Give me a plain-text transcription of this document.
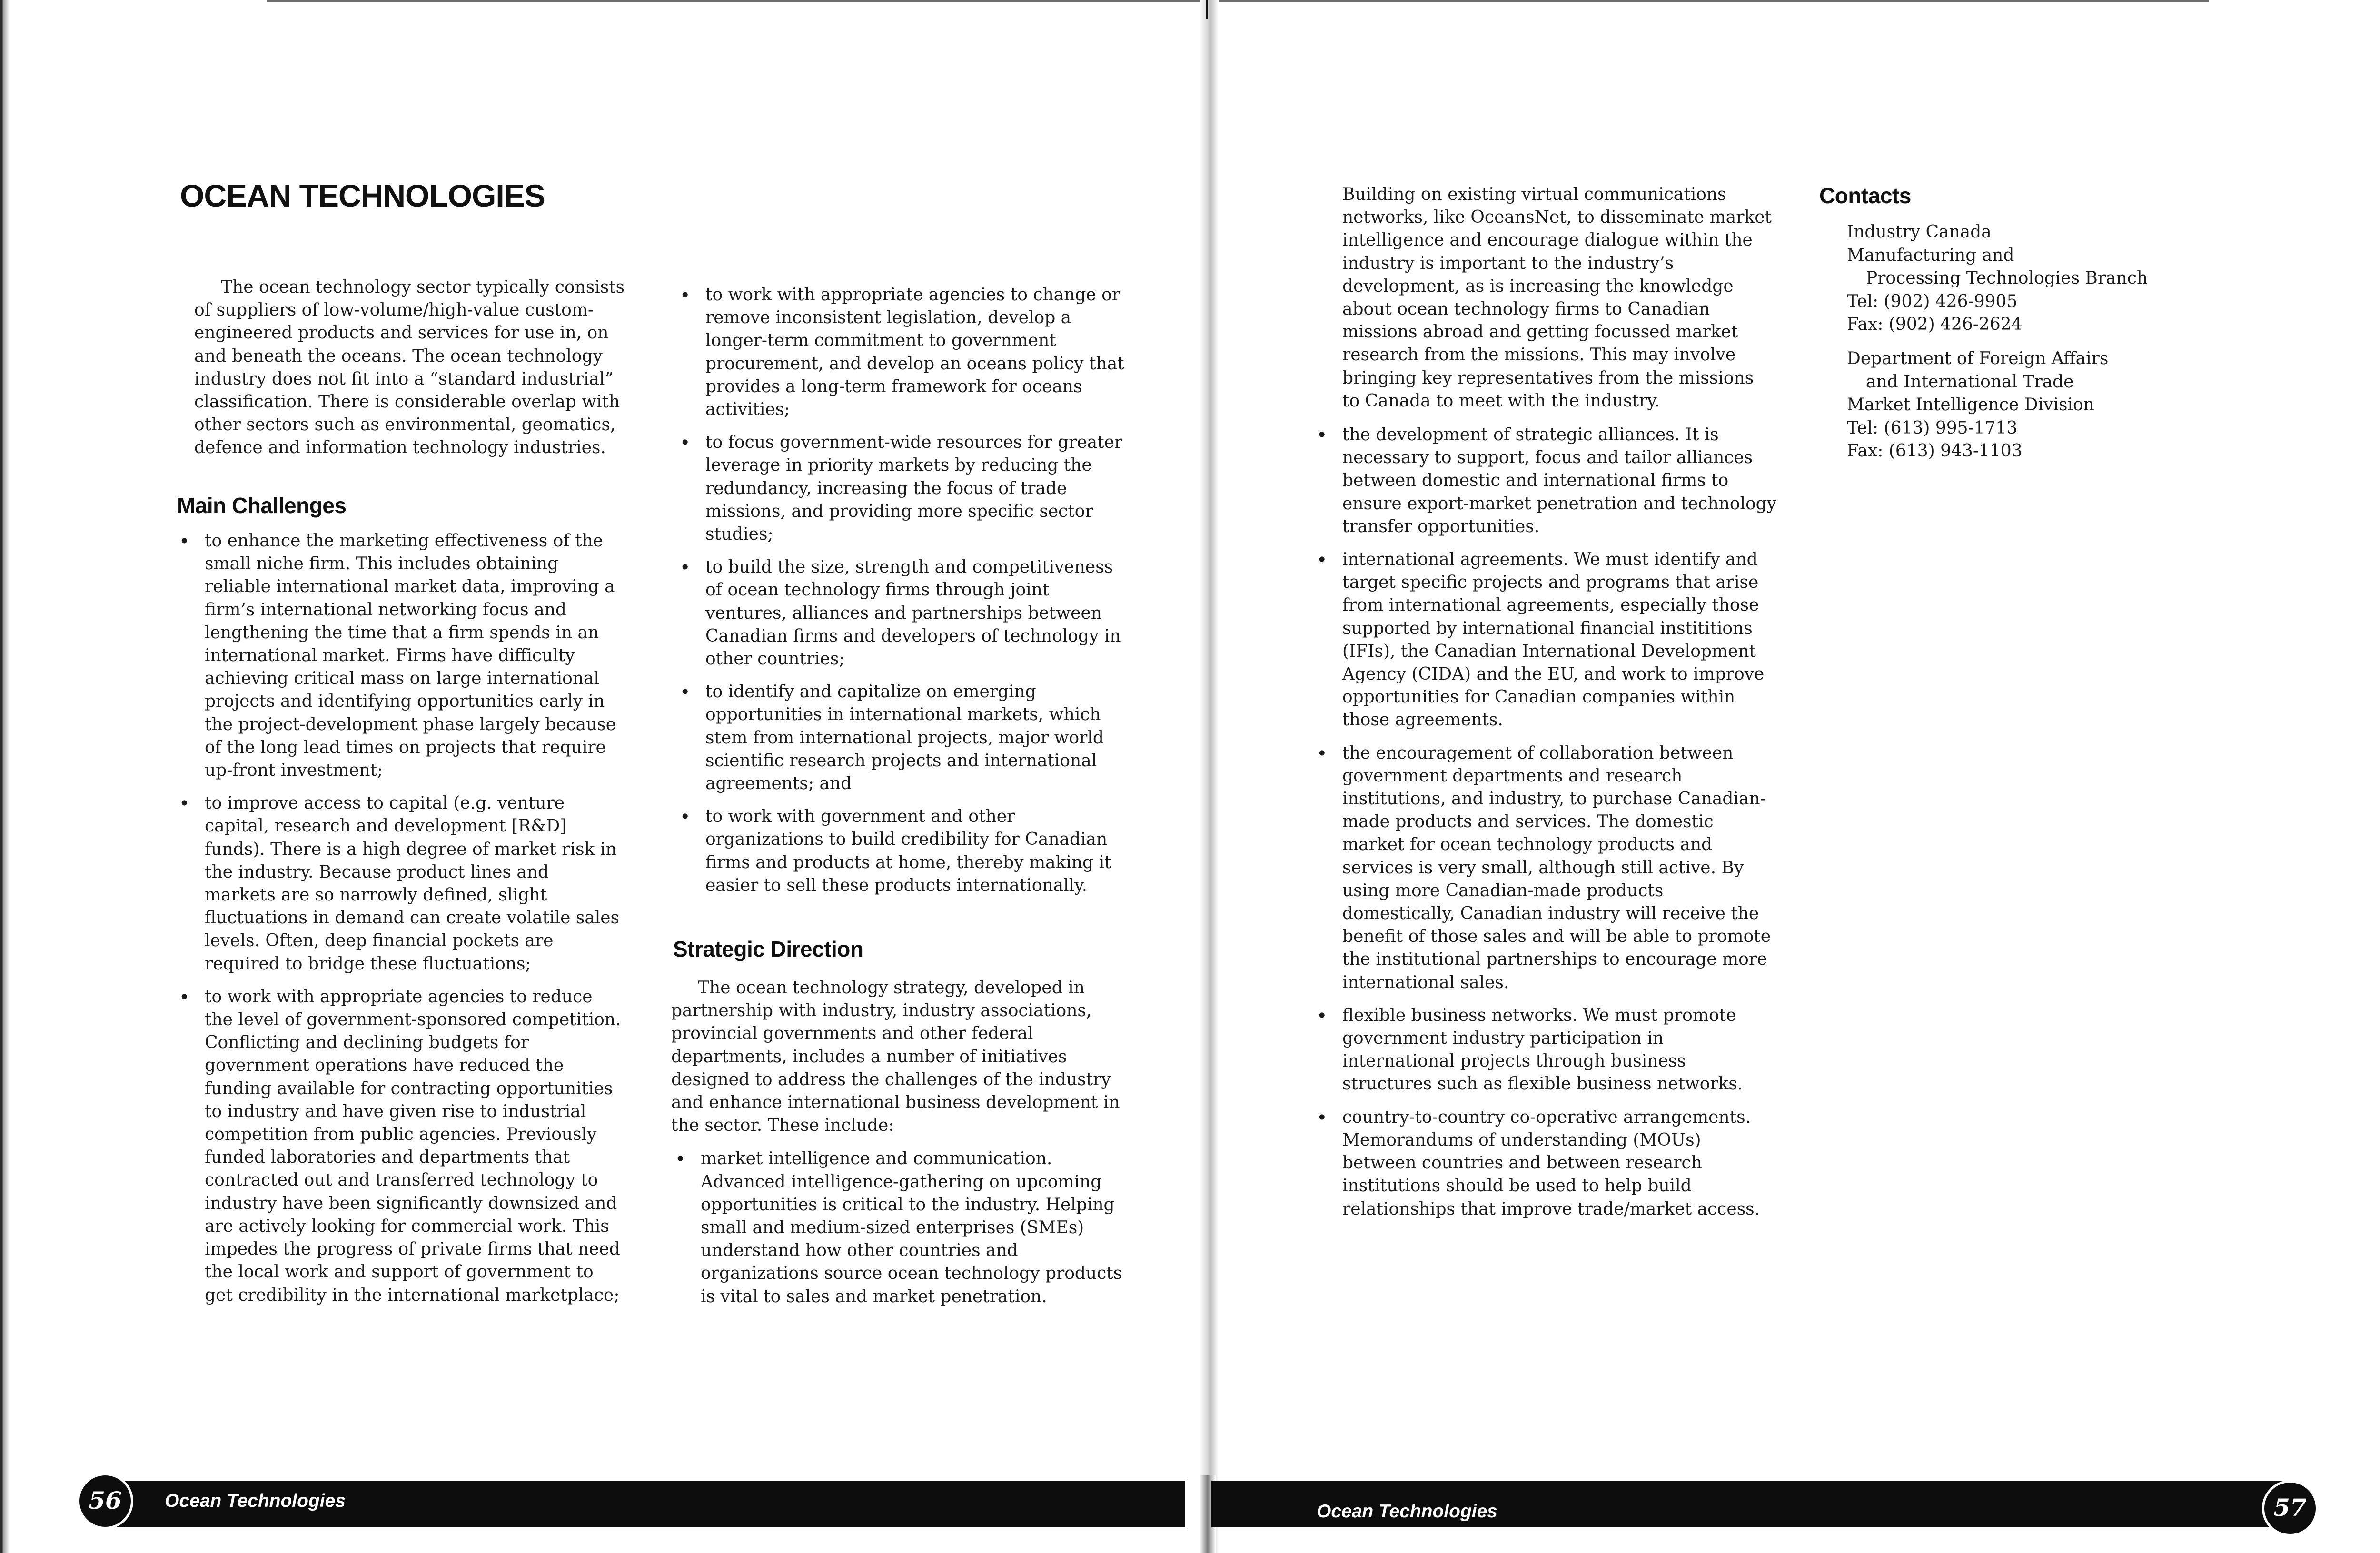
OCEAN TECHNOLOGIES

The ocean technology sector typically consists of suppliers of low-volume/high-value custom-engineered products and services for use in, on and beneath the oceans. The ocean technology industry does not fit into a “standard industrial” classification. There is considerable overlap with other sectors such as environmental, geomatics, defence and information technology industries.

Main Challenges
• to enhance the marketing effectiveness of the small niche firm. This includes obtaining reliable international market data, improving a firm’s international networking focus and lengthening the time that a firm spends in an international market. Firms have difficulty achieving critical mass on large international projects and identifying opportunities early in the project-development phase largely because of the long lead times on projects that require up-front investment;
• to improve access to capital (e.g. venture capital, research and development [R&D] funds). There is a high degree of market risk in the industry. Because product lines and markets are so narrowly defined, slight fluctuations in demand can create volatile sales levels. Often, deep financial pockets are required to bridge these fluctuations;
• to work with appropriate agencies to reduce the level of government-sponsored competition. Conflicting and declining budgets for government operations have reduced the funding available for contracting opportunities to industry and have given rise to industrial competition from public agencies. Previously funded laboratories and departments that contracted out and transferred technology to industry have been significantly downsized and are actively looking for commercial work. This impedes the progress of private firms that need the local work and support of government to get credibility in the international marketplace;
• to work with appropriate agencies to change or remove inconsistent legislation, develop a longer-term commitment to government procurement, and develop an oceans policy that provides a long-term framework for oceans activities;
• to focus government-wide resources for greater leverage in priority markets by reducing the redundancy, increasing the focus of trade missions, and providing more specific sector studies;
• to build the size, strength and competitiveness of ocean technology firms through joint ventures, alliances and partnerships between Canadian firms and developers of technology in other countries;
• to identify and capitalize on emerging opportunities in international markets, which stem from international projects, major world scientific research projects and international agreements; and
• to work with government and other organizations to build credibility for Canadian firms and products at home, thereby making it easier to sell these products internationally.
Strategic Direction

The ocean technology strategy, developed in partnership with industry, industry associations, provincial governments and other federal departments, includes a number of initiatives designed to address the challenges of the industry and enhance international business development in the sector. These include:

• market intelligence and communication. Advanced intelligence-gathering on upcoming opportunities is critical to the industry. Helping small and medium-sized enterprises (SMEs) understand how other countries and organizations source ocean technology products is vital to sales and market penetration.

Building on existing virtual communications networks, like OceansNet, to disseminate market intelligence and encourage dialogue within the industry is important to the industry’s development, as is increasing the knowledge about ocean technology firms to Canadian missions abroad and getting focussed market research from the missions. This may involve bringing key representatives from the missions to Canada to meet with the industry.

• the development of strategic alliances. It is necessary to support, focus and tailor alliances between domestic and international firms to ensure export-market penetration and technology transfer opportunities.
• international agreements. We must identify and target specific projects and programs that arise from international agreements, especially those supported by international financial instititions (IFIs), the Canadian International Development Agency (CIDA) and the EU, and work to improve opportunities for Canadian companies within those agreements.
• the encouragement of collaboration between government departments and research institutions, and industry, to purchase Canadian-made products and services. The domestic market for ocean technology products and services is very small, although still active. By using more Canadian-made products domestically, Canadian industry will receive the benefit of those sales and will be able to promote the institutional partnerships to encourage more international sales.
• flexible business networks. We must promote government industry participation in international projects through business structures such as flexible business networks.
• country-to-country co-operative arrangements. Memorandums of understanding (MOUs) between countries and between research institutions should be used to help build relationships that improve trade/market access.
Contacts
Industry Canada
Manufacturing and
Processing Technologies Branch
Tel: (902) 426-9905
Fax: (902) 426-2624
Department of Foreign Affairs
and International Trade
Market Intelligence Division
Tel: (613) 995-1713
Fax: (613) 943-1103
Ocean Technologies
56	Ocean Technologies	57
